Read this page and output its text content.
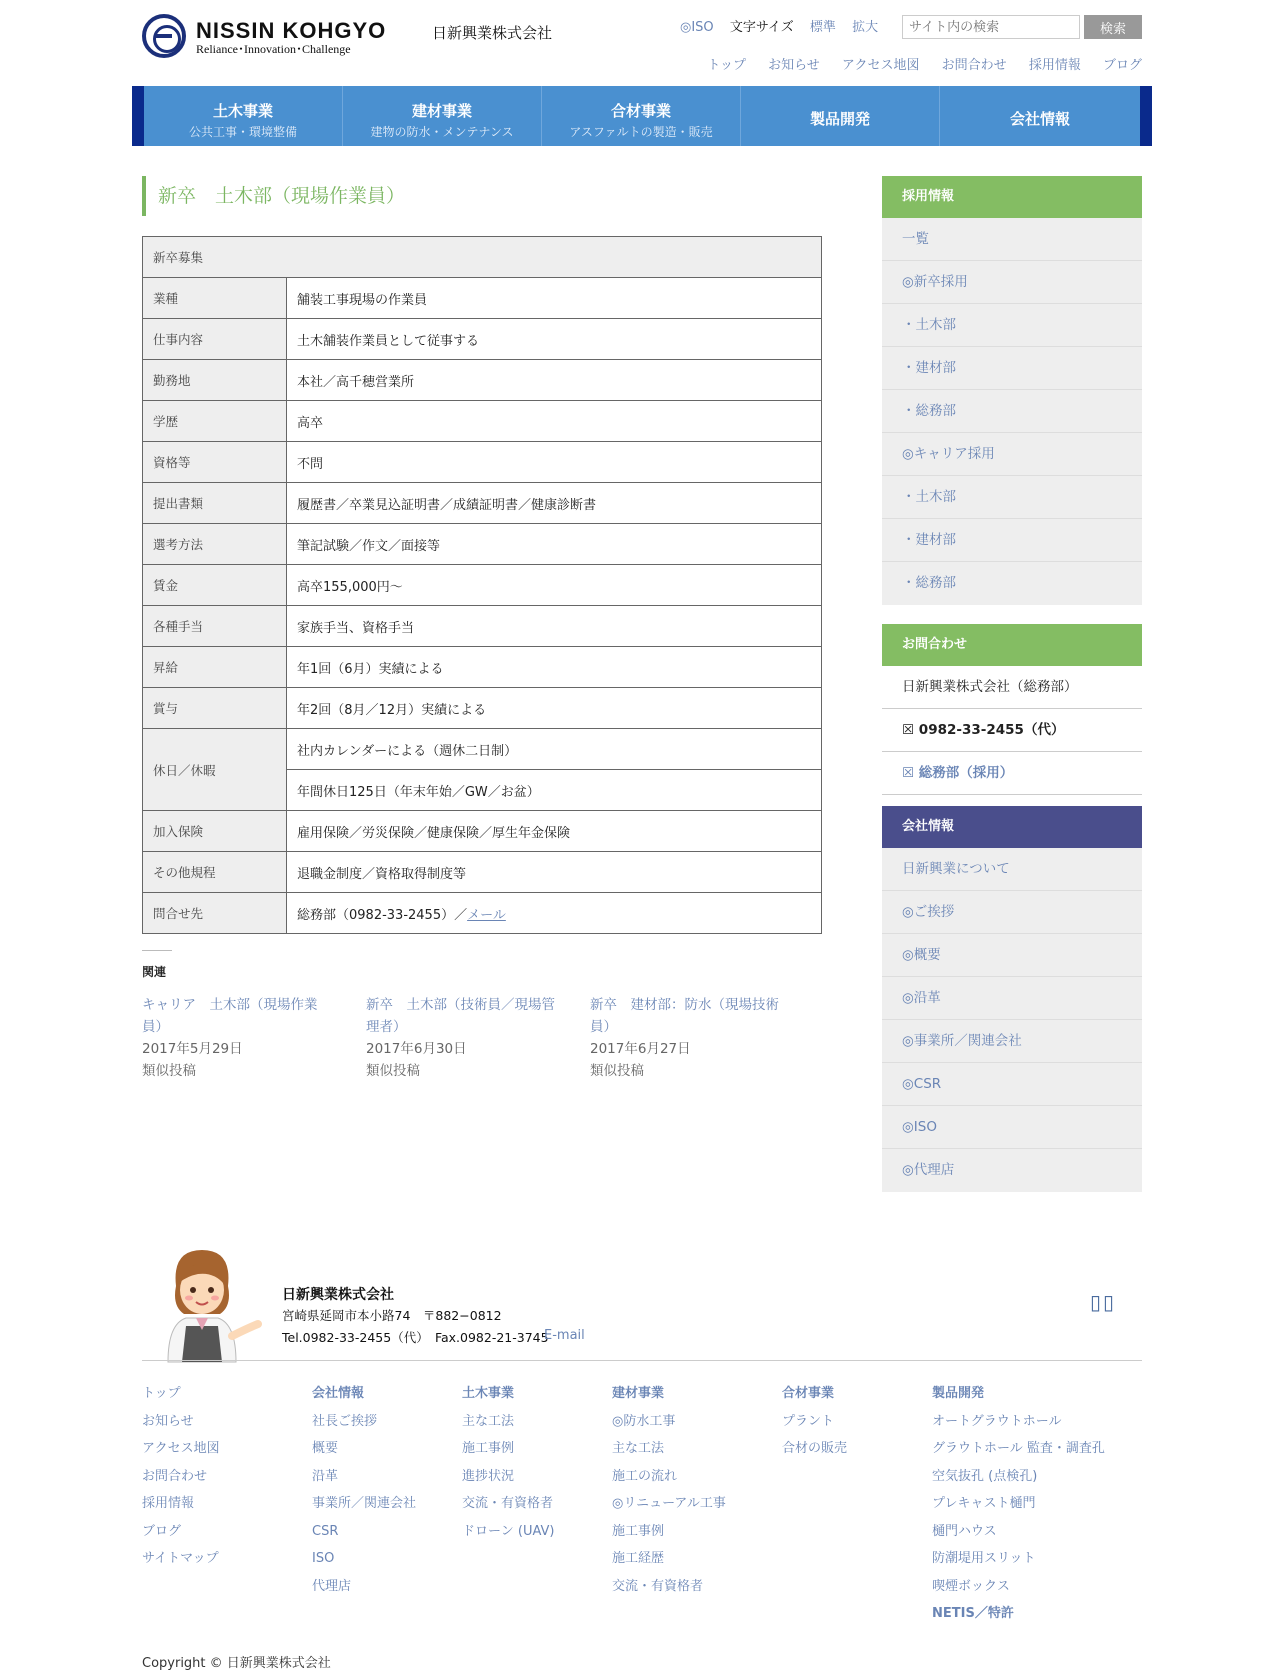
NISSIN KOHGYO
Reliance･Innovation･Challenge
日新興業株式会社	◎ISO 文字サイズ 標準 拡大
サイト内の検索	検索
トップ お知らせ アクセス地図 お問合わせ 採用情報 ブログ
土木事業
公共工事・環境整備
建材事業
建物の防水・メンテナンス
合材事業
アスファルトの製造・販売
製品開発	会社情報
新卒　土木部（現場作業員）
新卒募集	
業種	舗装工事現場の作業員
仕事内容	土木舗装作業員として従事する
勤務地	本社／高千穂営業所
学歴	高卒
資格等	不問
提出書類	履歴書／卒業見込証明書／成績証明書／健康診断書
選考方法	筆記試験／作文／面接等
賃金	高卒155,000円～
各種手当	家族手当、資格手当
昇給	年1回（6月）実績による
賞与	年2回（8月／12月）実績による
休日／休暇	社内カレンダーによる（週休二日制）
	年間休日125日（年末年始／GW／お盆）
加入保険	雇用保険／労災保険／健康保険／厚生年金保険
その他規程	退職金制度／資格取得制度等
問合せ先	総務部（0982-33-2455）／メール
関連
キャリア　土木部（現場作業員）
2017年5月29日
類似投稿
新卒　土木部（技術員／現場管理者）
2017年6月30日
類似投稿
新卒　建材部：防水（現場技術員）
2017年6月27日
類似投稿
採用情報
一覧
◎新卒採用
・土木部
・建材部
・総務部
◎キャリア採用
・土木部
・建材部
・総務部
お問合わせ
日新興業株式会社（総務部）
☒ 0982-33-2455（代）
☒ 総務部（採用）
会社情報
日新興業について
◎ご挨拶
◎概要
◎沿革
◎事業所／関連会社
◎CSR
◎ISO
◎代理店
日新興業株式会社
宮崎県延岡市本小路74　〒882−0812
Tel.0982-33-2455（代）　Fax.0982-21-3745
E-mail
▯▯
トップ
お知らせ
アクセス地図
お問合わせ
採用情報
ブログ
サイトマップ
会社情報
社長ご挨拶
概要
沿革
事業所／関連会社
CSR
ISO
代理店
土木事業
主な工法
施工事例
進捗状況
交流・有資格者
ドローン (UAV)
建材事業
◎防水工事
主な工法
施工の流れ
◎リニューアル工事
施工事例
施工経歴
交流・有資格者
合材事業
プラント
合材の販売
製品開発
オートグラウトホール
グラウトホール 監査・調査孔
空気抜孔 (点検孔)
プレキャスト樋門
樋門ハウス
防潮堤用スリット
喫煙ボックス
NETIS／特許
Copyright © 日新興業株式会社
